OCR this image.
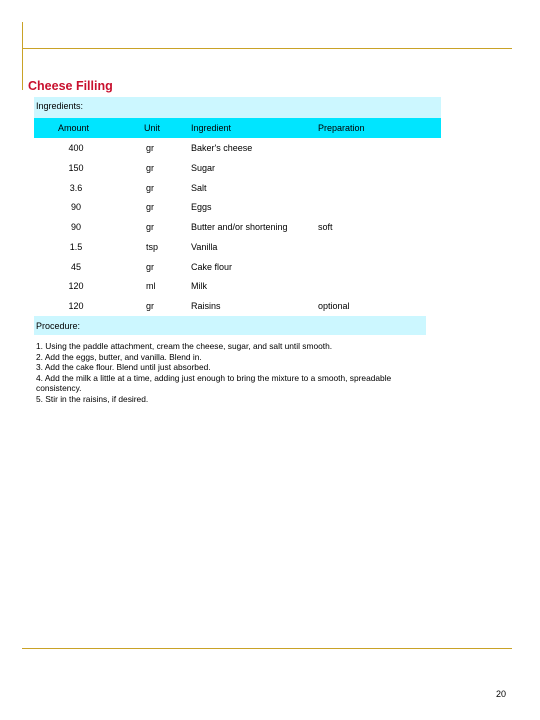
Cheese Filling
Ingredients:
Amount	Unit	Ingredient	Preparation
400	gr	Baker's cheese
150	gr	Sugar
3.6	gr	Salt
90	gr	Eggs
90	gr	Butter and/or shortening	soft
1.5	tsp	Vanilla
45	gr	Cake flour
120	ml	Milk
120	gr	Raisins	optional
Procedure:
1. Using the paddle attachment, cream the cheese, sugar, and salt until smooth.
2. Add the eggs, butter, and vanilla. Blend in.
3. Add the cake flour. Blend until just absorbed.
4. Add the milk a little at a time, adding just enough to bring the mixture to a smooth, spreadable consistency.
5. Stir in the raisins, if desired.
20
